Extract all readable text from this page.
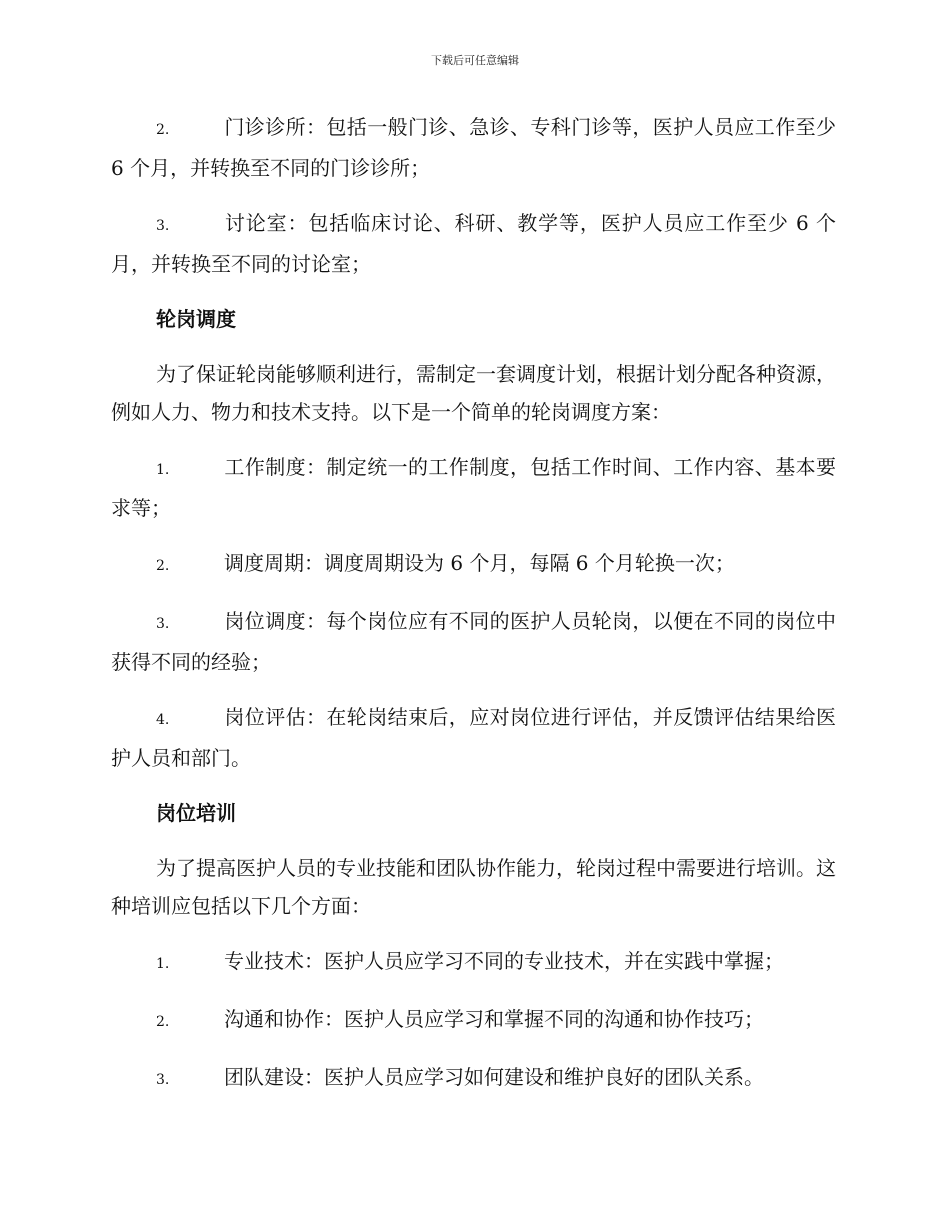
下载后可任意编辑
2.	门诊诊所：包括一般门诊、急诊、专科门诊等，医护人员应工作至少 6 个月，并转换至不同的门诊诊所；
3.	讨论室：包括临床讨论、科研、教学等，医护人员应工作至少 6 个月，并转换至不同的讨论室；
轮岗调度
为了保证轮岗能够顺利进行，需制定一套调度计划，根据计划分配各种资源，例如人力、物力和技术支持。以下是一个简单的轮岗调度方案：
1.	工作制度：制定统一的工作制度，包括工作时间、工作内容、基本要求等；
2.	调度周期：调度周期设为 6 个月，每隔 6 个月轮换一次；
3.	岗位调度：每个岗位应有不同的医护人员轮岗，以便在不同的岗位中获得不同的经验；
4.	岗位评估：在轮岗结束后，应对岗位进行评估，并反馈评估结果给医护人员和部门。
岗位培训
为了提高医护人员的专业技能和团队协作能力，轮岗过程中需要进行培训。这种培训应包括以下几个方面：
1.	专业技术：医护人员应学习不同的专业技术，并在实践中掌握；
2.	沟通和协作：医护人员应学习和掌握不同的沟通和协作技巧；
3.	团队建设：医护人员应学习如何建设和维护良好的团队关系。
